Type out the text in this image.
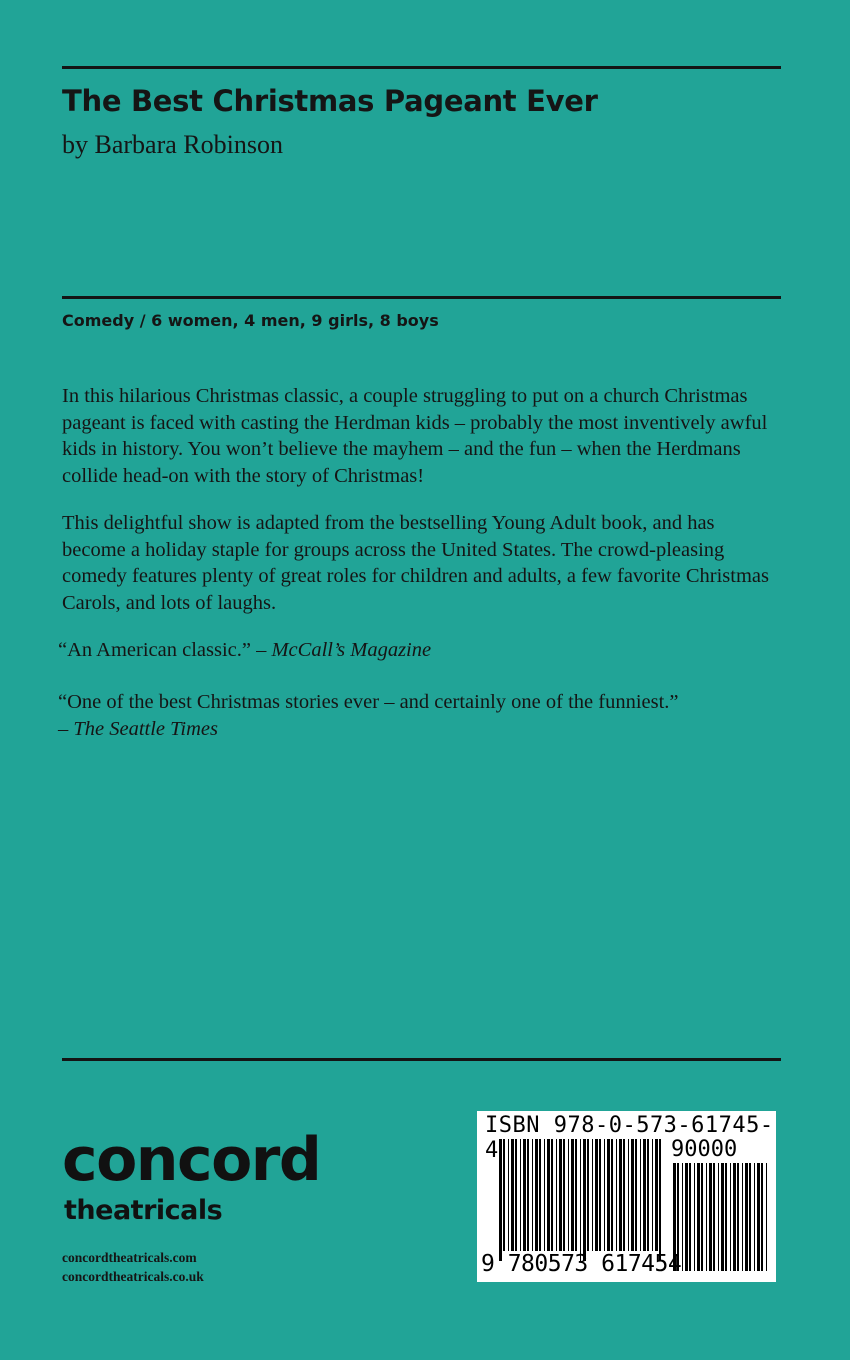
The Best Christmas Pageant Ever
by Barbara Robinson
Comedy / 6 women, 4 men, 9 girls, 8 boys

In this hilarious Christmas classic, a couple struggling to put on a church Christmas pageant is faced with casting the Herdman kids – probably the most inventively awful kids in history. You won’t believe the mayhem – and the fun – when the Herdmans collide head-on with the story of Christmas!

This delightful show is adapted from the bestselling Young Adult book, and has become a holiday staple for groups across the United States. The crowd-pleasing comedy features plenty of great roles for children and adults, a few favorite Christmas Carols, and lots of laughs.

“An American classic.” – McCall’s Magazine

“One of the best Christmas stories ever – and certainly one of the funniest.”
– The Seattle Times

concord
theatricals
concordtheatricals.com
concordtheatricals.co.uk
ISBN 978-0-573-61745-4	90000
9 780573 617454
